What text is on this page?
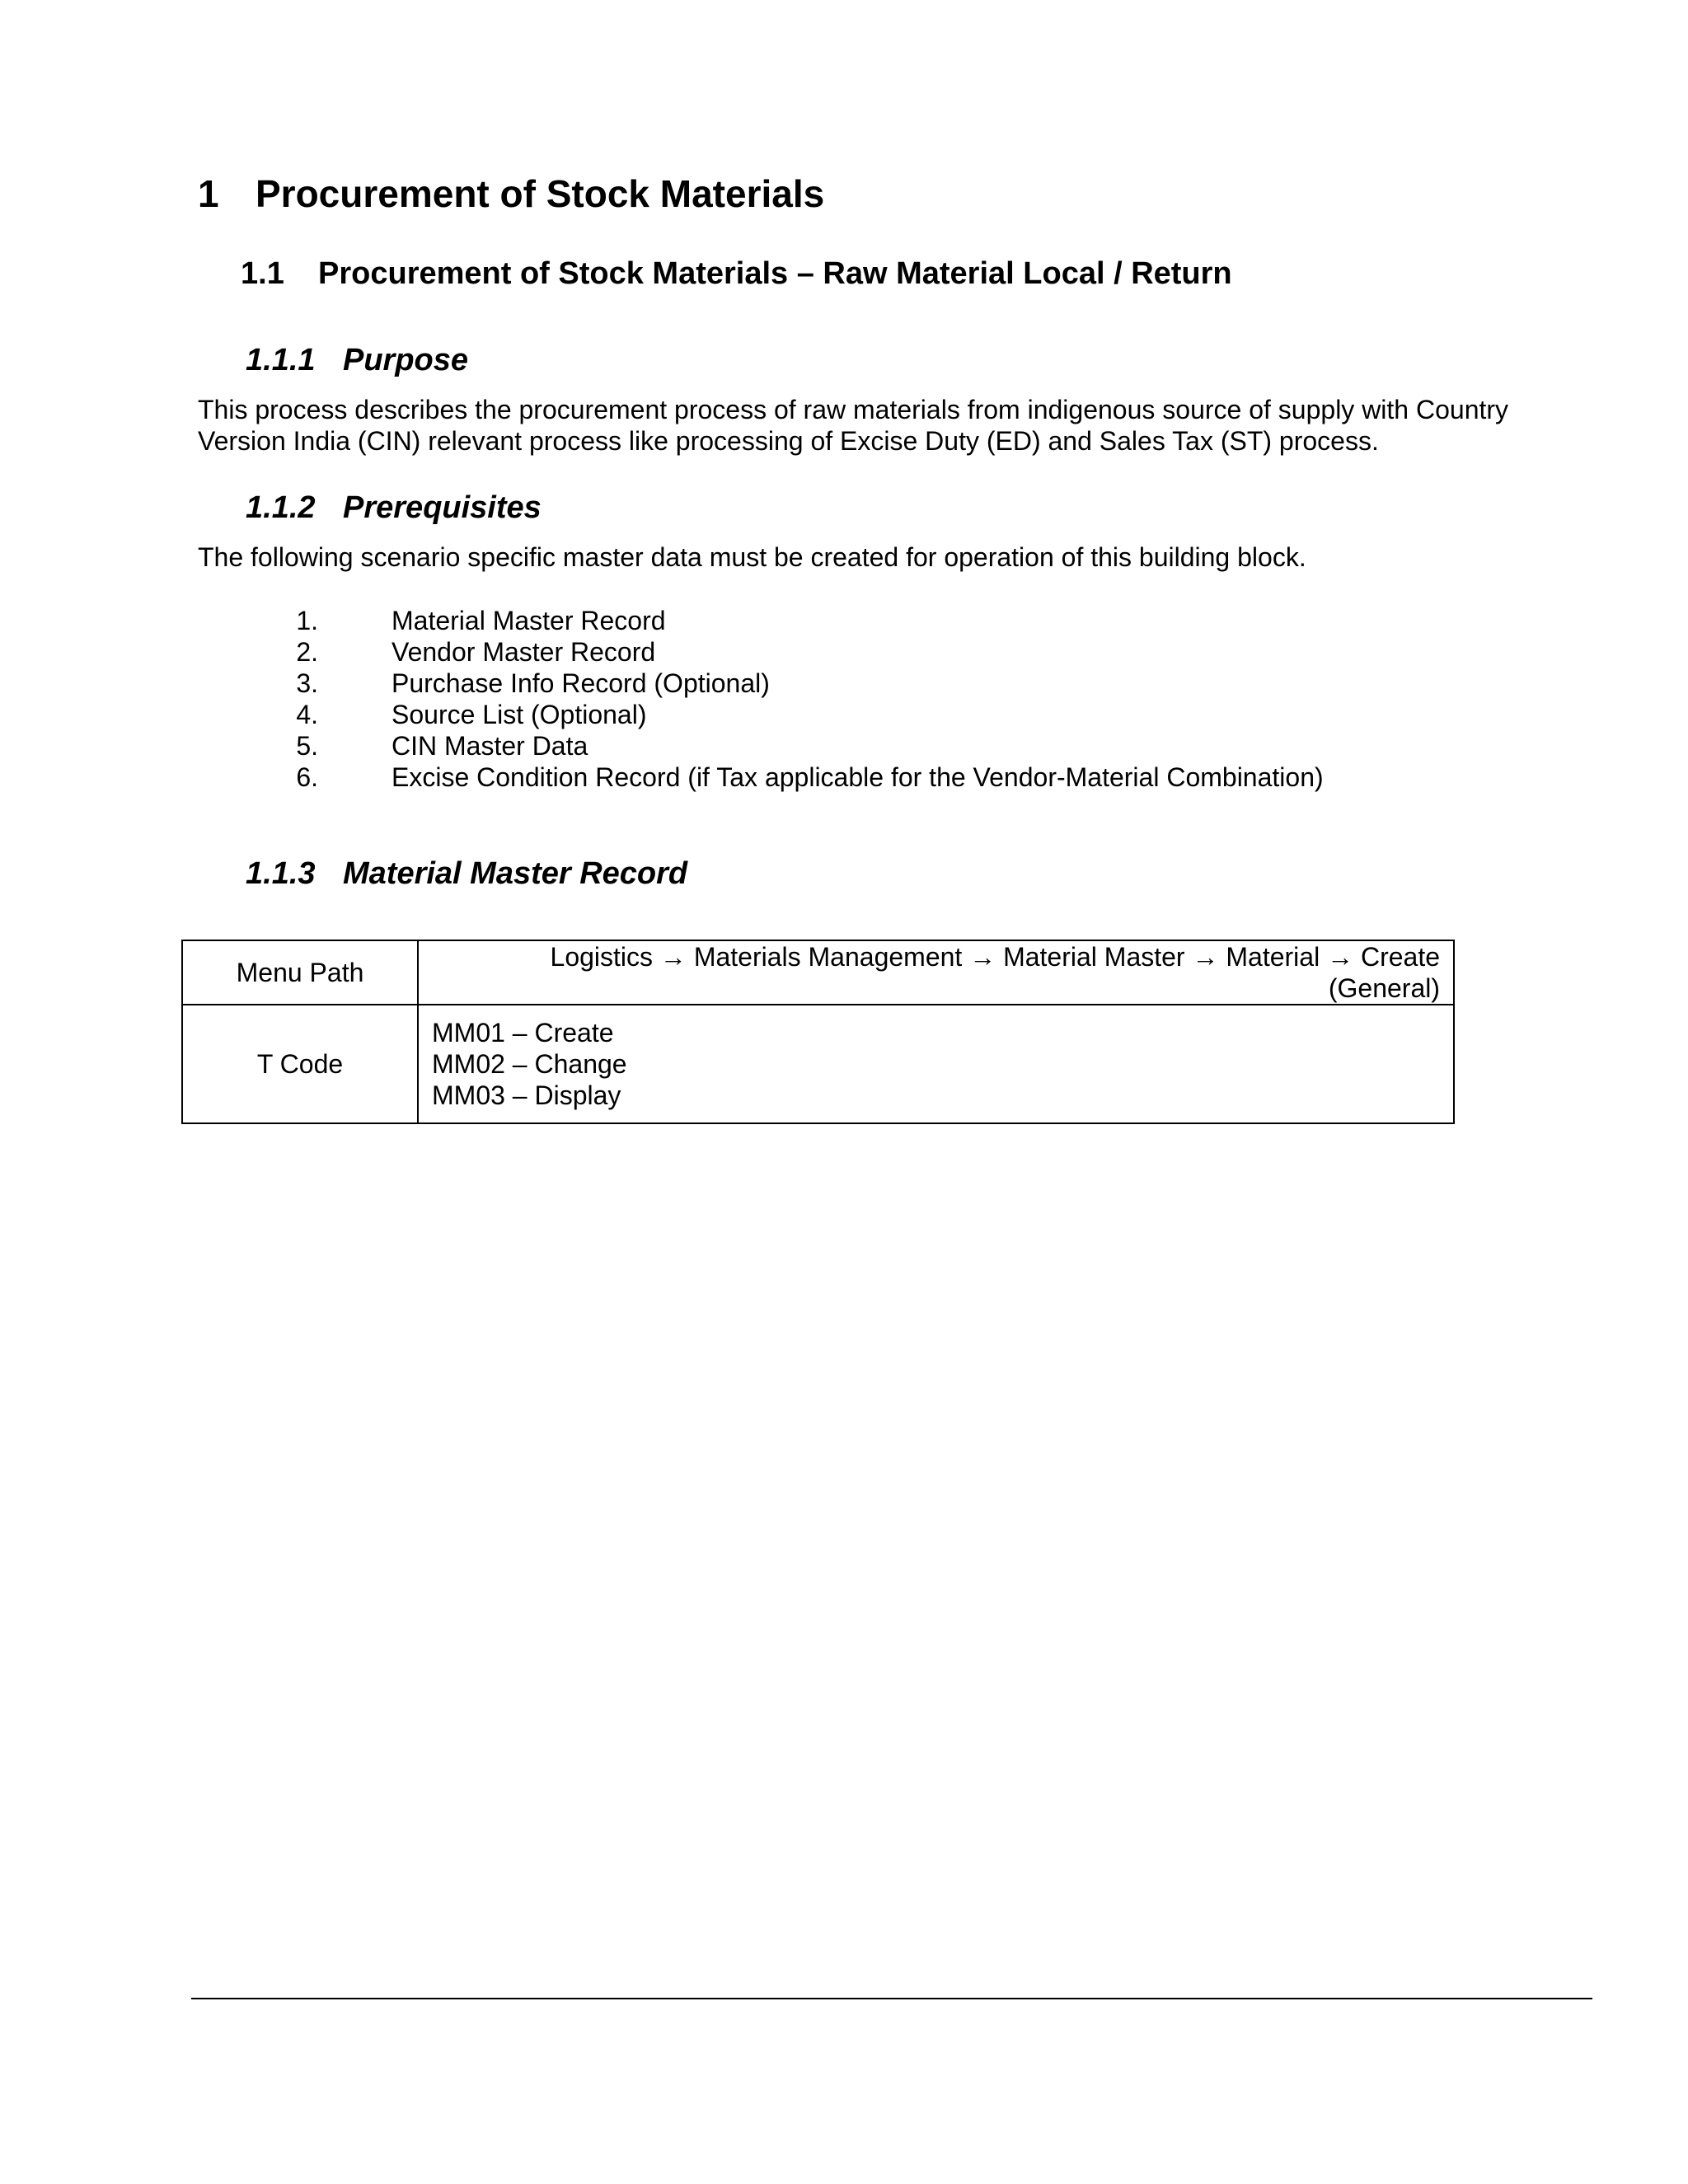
1 Procurement of Stock Materials
1.1 Procurement of Stock Materials – Raw Material Local / Return
1.1.1 Purpose
This process describes the procurement process of raw materials from indigenous source of supply with Country Version India (CIN) relevant process like processing of Excise Duty (ED) and Sales Tax (ST) process.
1.1.2 Prerequisites
The following scenario specific master data must be created for operation of this building block.
1.	Material Master Record
2.	Vendor Master Record
3.	Purchase Info Record (Optional)
4.	Source List (Optional)
5.	CIN Master Data
6.	Excise Condition Record (if Tax applicable for the Vendor-Material Combination)
1.1.3 Material Master Record
Menu Path	Logistics → Materials Management → Material Master → Material → Create
(General)

T Code	MM01 – Create
MM02 – Change
MM03 – Display
